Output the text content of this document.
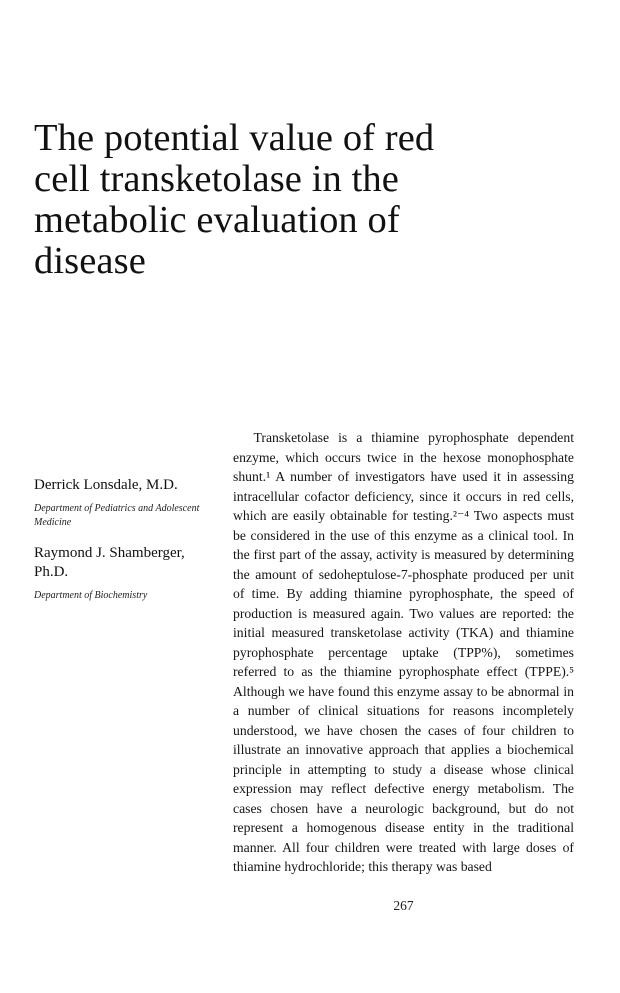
The potential value of red cell transketolase in the metabolic evaluation of disease

Derrick Lonsdale, M.D.

Department of Pediatrics and Adolescent Medicine

Raymond J. Shamberger, Ph.D.

Department of Biochemistry

Transketolase is a thiamine pyrophosphate dependent enzyme, which occurs twice in the hexose monophosphate shunt.¹ A number of investigators have used it in assessing intracellular cofactor deficiency, since it occurs in red cells, which are easily obtainable for testing.²⁻⁴ Two aspects must be considered in the use of this enzyme as a clinical tool. In the first part of the assay, activity is measured by determining the amount of sedoheptulose-7-phosphate produced per unit of time. By adding thiamine pyrophosphate, the speed of production is measured again. Two values are reported: the initial measured transketolase activity (TKA) and thiamine pyrophosphate percentage uptake (TPP%), sometimes referred to as the thiamine pyrophosphate effect (TPPE).⁵ Although we have found this enzyme assay to be abnormal in a number of clinical situations for reasons incompletely understood, we have chosen the cases of four children to illustrate an innovative approach that applies a biochemical principle in attempting to study a disease whose clinical expression may reflect defective energy metabolism. The cases chosen have a neurologic background, but do not represent a homogenous disease entity in the traditional manner. All four children were treated with large doses of thiamine hydrochloride; this therapy was based

267
